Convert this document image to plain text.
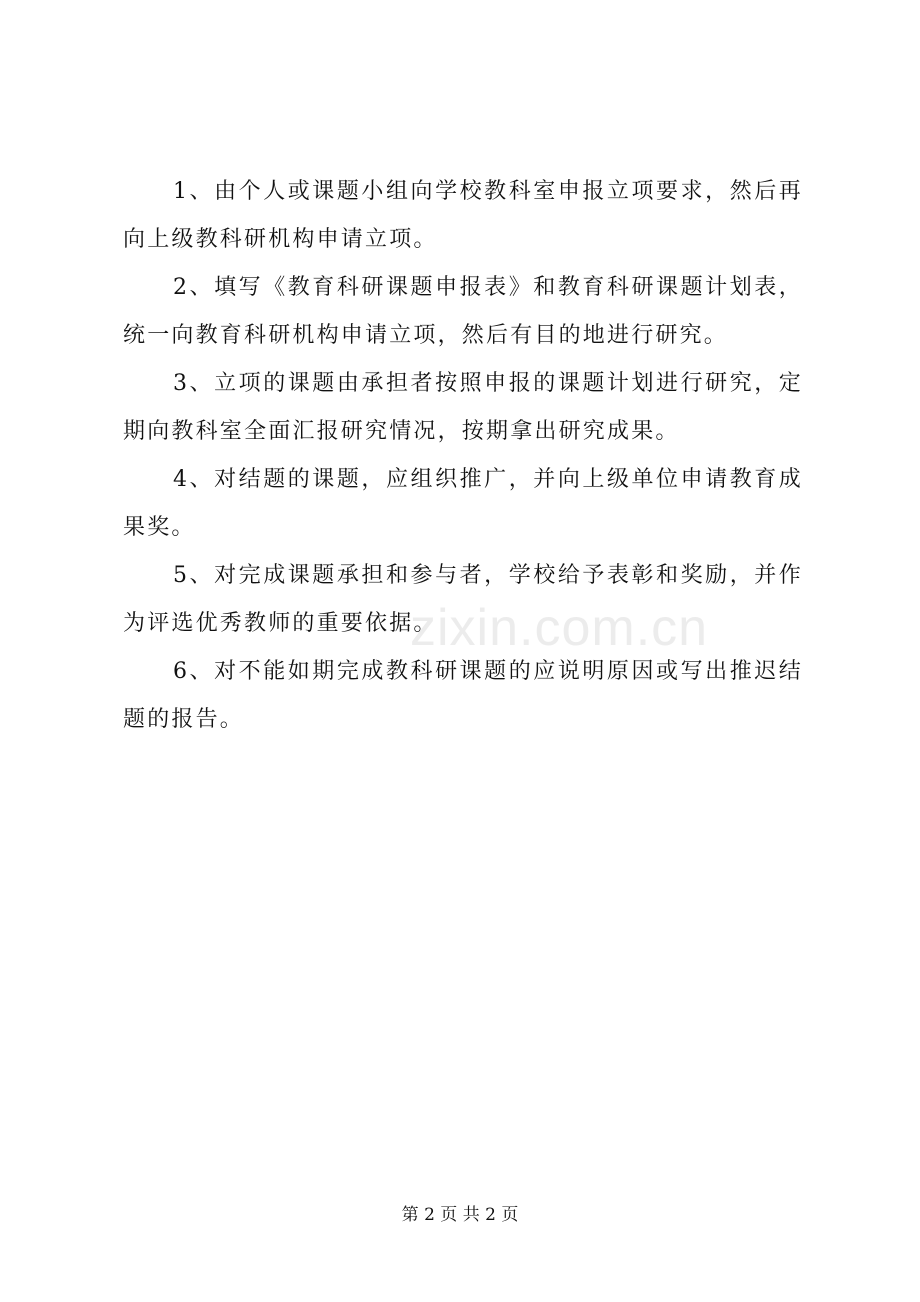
1、由个人或课题小组向学校教科室申报立项要求，然后再向上级教科研机构申请立项。

2、填写《教育科研课题申报表》和教育科研课题计划表，统一向教育科研机构申请立项，然后有目的地进行研究。

3、立项的课题由承担者按照申报的课题计划进行研究，定期向教科室全面汇报研究情况，按期拿出研究成果。

4、对结题的课题，应组织推广，并向上级单位申请教育成果奖。

5、对完成课题承担和参与者，学校给予表彰和奖励，并作为评选优秀教师的重要依据。

6、对不能如期完成教科研课题的应说明原因或写出推迟结题的报告。

zixin.com.cn
第 2 页 共 2 页
